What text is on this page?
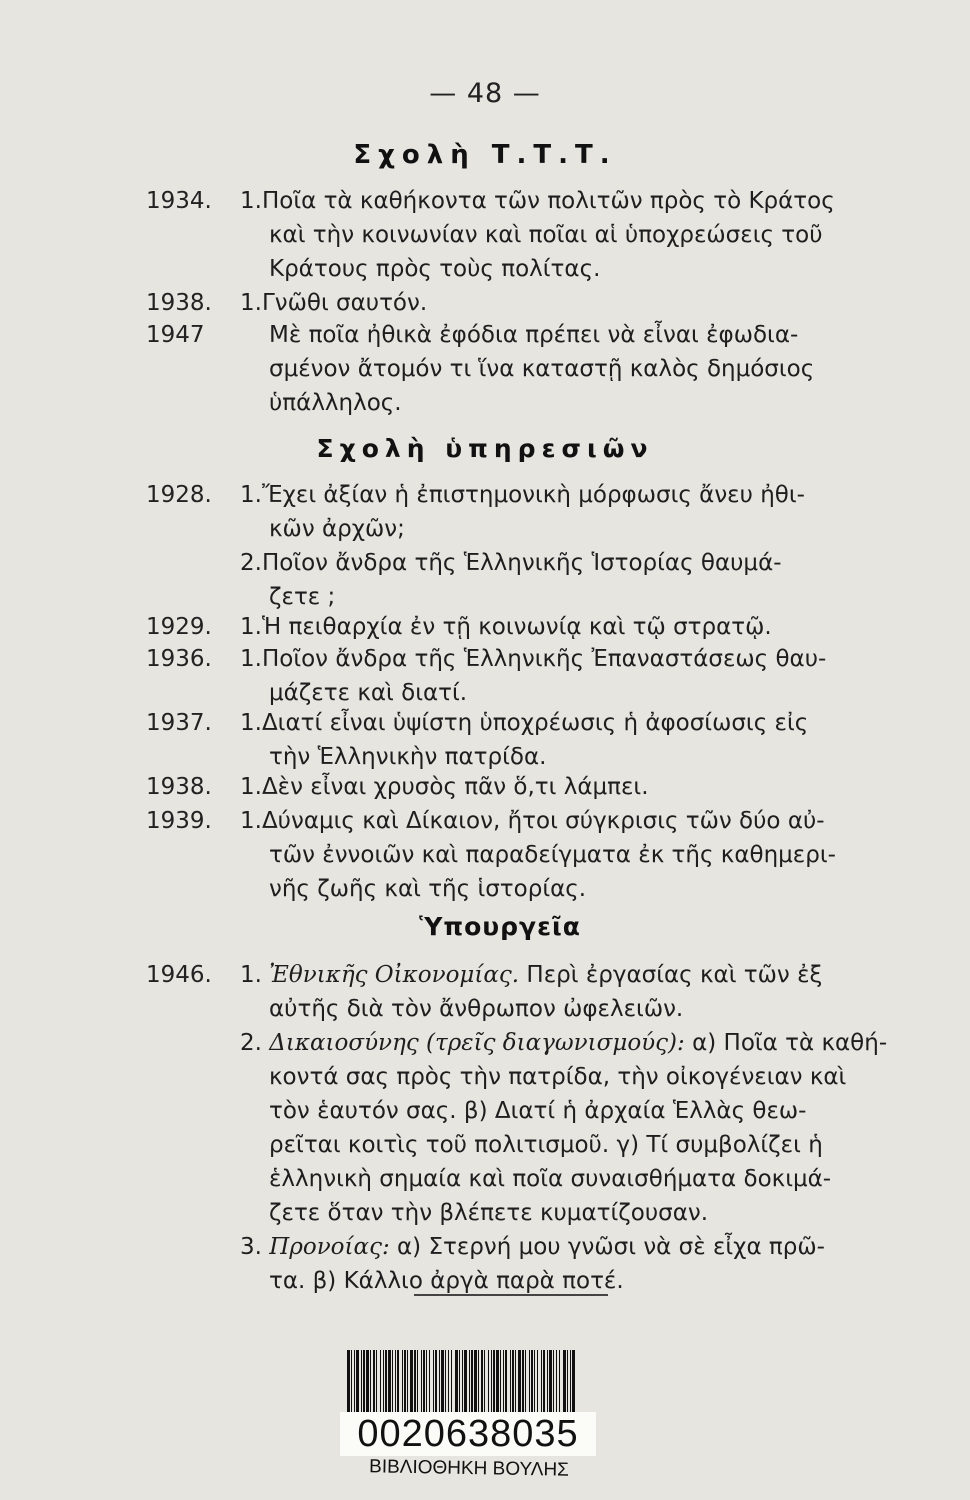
— 48 —
Σχολὴ Τ.Τ.Τ.
1934. 1.Ποῖα τὰ καθήκοντα τῶν πολιτῶν πρὸς τὸ Κράτος
καὶ τὴν κοινωνίαν καὶ ποῖαι αἱ ὑποχρεώσεις τοῦ
Κράτους πρὸς τοὺς πολίτας.
1938. 1.Γνῶθι σαυτόν.
1947	Μὲ ποῖα ἠθικὰ ἐφόδια πρέπει νὰ εἶναι ἐφωδια-
σμένον ἄτομόν τι ἵνα καταστῇ καλὸς δημόσιος
ὑπάλληλος.
Σχολὴ ὑπηρεσιῶν
1928. 1.Ἔχει ἀξίαν ἡ ἐπιστημονικὴ μόρφωσις ἄνευ ἠθι-
κῶν ἀρχῶν;
2.Ποῖον ἄνδρα τῆς Ἑλληνικῆς Ἱστορίας θαυμά-
ζετε ;
1929. 1.Ἡ πειθαρχία ἐν τῇ κοινωνίᾳ καὶ τῷ στρατῷ.
1936. 1.Ποῖον ἄνδρα τῆς Ἑλληνικῆς Ἐπαναστάσεως θαυ-
μάζετε καὶ διατί.
1937. 1.Διατί εἶναι ὑψίστη ὑποχρέωσις ἡ ἀφοσίωσις εἰς
τὴν Ἑλληνικὴν πατρίδα.
1938. 1.Δὲν εἶναι χρυσὸς πᾶν ὅ,τι λάμπει.
1939. 1.Δύναμις καὶ Δίκαιον, ἤτοι σύγκρισις τῶν δύο αὐ-
τῶν ἐννοιῶν καὶ παραδείγματα ἐκ τῆς καθημερι-
νῆς ζωῆς καὶ τῆς ἱστορίας.
Ὑπουργεῖα
1946. 1. Ἐθνικῆς Οἰκονομίας. Περὶ ἐργασίας καὶ τῶν ἐξ
αὐτῆς διὰ τὸν ἄνθρωπον ὠφελειῶν.
2. Δικαιοσύνης (τρεῖς διαγωνισμούς): α) Ποῖα τὰ καθή-
κοντά σας πρὸς τὴν πατρίδα, τὴν οἰκογένειαν καὶ
τὸν ἑαυτόν σας. β) Διατί ἡ ἀρχαία Ἑλλὰς θεω-
ρεῖται κοιτὶς τοῦ πολιτισμοῦ. γ) Τί συμβολίζει ἡ
ἑλληνικὴ σημαία καὶ ποῖα συναισθήματα δοκιμά-
ζετε ὅταν τὴν βλέπετε κυματίζουσαν.
3. Προνοίας: α) Στερνή μου γνῶσι νὰ σὲ εἶχα πρῶ-
τα. β) Κάλλιο ἀργὰ παρὰ ποτέ.
0020638035
ΒΙΒΛΙΟΘΗΚΗ ΒΟΥΛΗΣ
